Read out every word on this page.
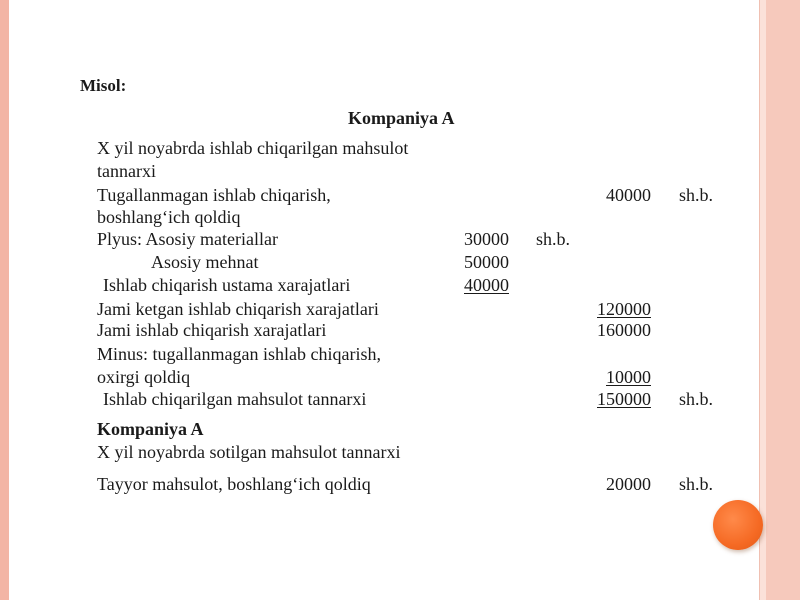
Misol:
Kompaniya A
X yil noyabrda ishlab chiqarilgan mahsulot
tannarxi
Tugallanmagan ishlab chiqarish,	40000 sh.b.
boshlang‘ich qoldiq
Plyus: Asosiy materiallar	30000 sh.b.
Asosiy mehnat	50000
Ishlab chiqarish ustama xarajatlari	40000
Jami ketgan ishlab chiqarish xarajatlari	120000
Jami ishlab chiqarish xarajatlari	160000
Minus: tugallanmagan ishlab chiqarish,
oxirgi qoldiq	10000
Ishlab chiqarilgan mahsulot tannarxi	150000 sh.b.
Kompaniya A
X yil noyabrda sotilgan mahsulot tannarxi
Tayyor mahsulot, boshlang‘ich qoldiq	20000 sh.b.
